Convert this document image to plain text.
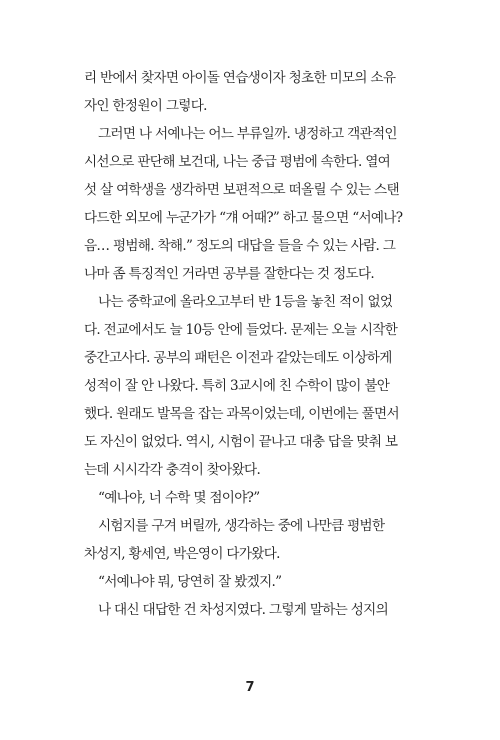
리 반에서 찾자면 아이돌 연습생이자 청초한 미모의 소유
자인 한정원이 그렇다.
그러면 나 서예나는 어느 부류일까. 냉정하고 객관적인
시선으로 판단해 보건대, 나는 중급 평범에 속한다. 열여
섯 살 여학생을 생각하면 보편적으로 떠올릴 수 있는 스탠
다드한 외모에 누군가가 “걔 어때?” 하고 물으면 “서예나?
음… 평범해. 착해.” 정도의 대답을 들을 수 있는 사람. 그
나마 좀 특징적인 거라면 공부를 잘한다는 것 정도다.
나는 중학교에 올라오고부터 반 1등을 놓친 적이 없었
다. 전교에서도 늘 10등 안에 들었다. 문제는 오늘 시작한
중간고사다. 공부의 패턴은 이전과 같았는데도 이상하게
성적이 잘 안 나왔다. 특히 3교시에 친 수학이 많이 불안
했다. 원래도 발목을 잡는 과목이었는데, 이번에는 풀면서
도 자신이 없었다. 역시, 시험이 끝나고 대충 답을 맞춰 보
는데 시시각각 충격이 찾아왔다.
“예나야, 너 수학 몇 점이야?”
시험지를 구겨 버릴까, 생각하는 중에 나만큼 평범한
차성지, 황세연, 박은영이 다가왔다.
“서예나야 뭐, 당연히 잘 봤겠지.”
나 대신 대답한 건 차성지였다. 그렇게 말하는 성지의
7
